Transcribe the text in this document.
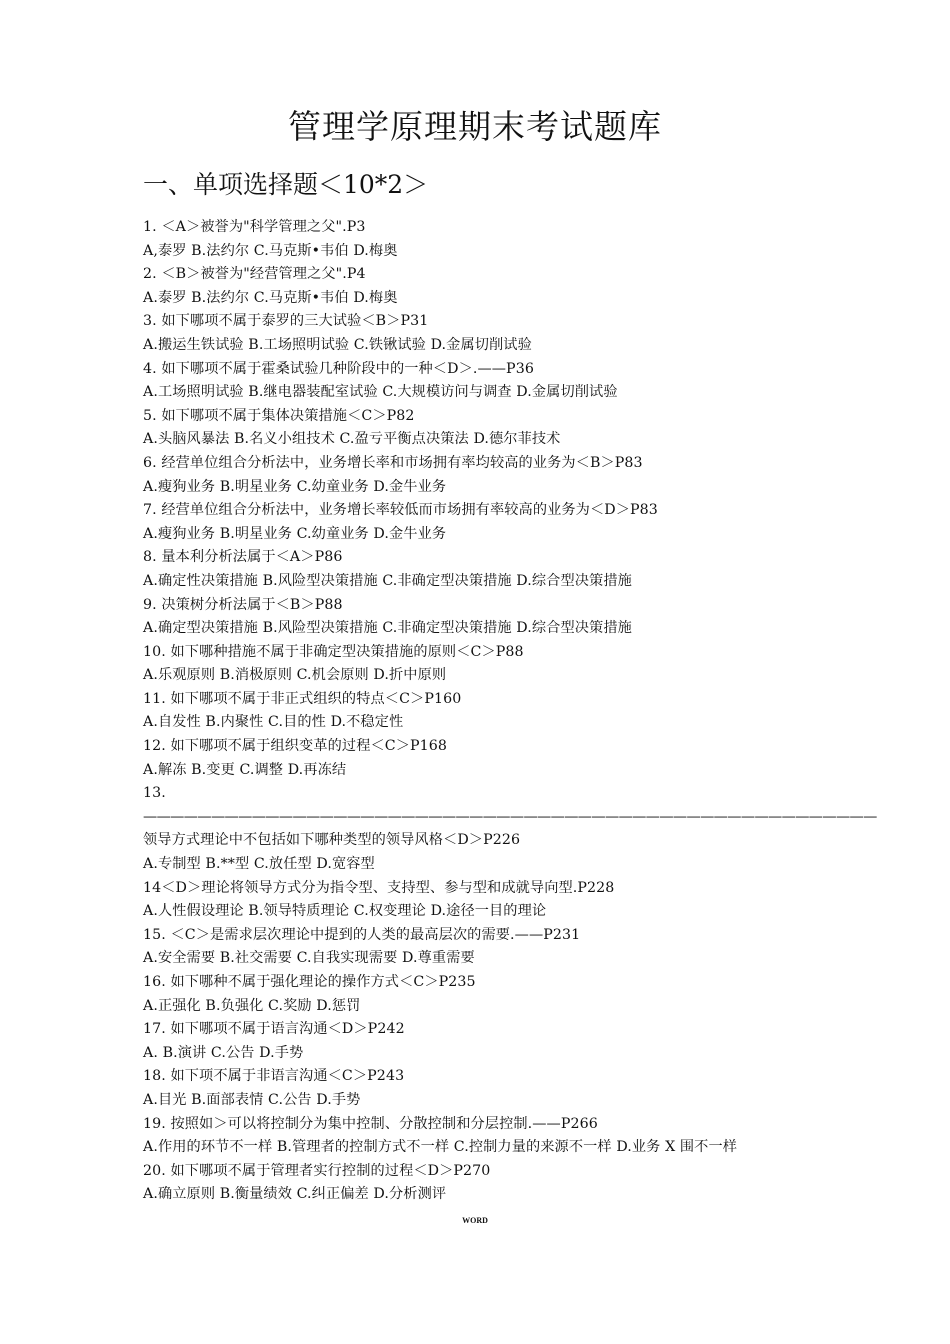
管理学原理期末考试题库
一、单项选择题＜10*2＞
1. ＜A＞被誉为"科学管理之父".P3
A,泰罗 B.法约尔 C.马克斯•韦伯 D.梅奥
2. ＜B＞被誉为"经营管理之父".P4
A.泰罗 B.法约尔 C.马克斯•韦伯 D.梅奥
3. 如下哪项不属于泰罗的三大试验＜B＞P31
A.搬运生铁试验 B.工场照明试验 C.铁锹试验 D.金属切削试验
4. 如下哪项不属于霍桑试验几种阶段中的一种＜D＞.——P36
A.工场照明试验 B.继电器装配室试验 C.大规模访问与调查 D.金属切削试验
5. 如下哪项不属于集体决策措施＜C＞P82
A.头脑风暴法 B.名义小组技术 C.盈亏平衡点决策法 D.德尔菲技术
6. 经营单位组合分析法中，业务增长率和市场拥有率均较高的业务为＜B＞P83
A.瘦狗业务 B.明星业务 C.幼童业务 D.金牛业务
7. 经营单位组合分析法中，业务增长率较低而市场拥有率较高的业务为＜D＞P83
A.瘦狗业务 B.明星业务 C.幼童业务 D.金牛业务
8. 量本利分析法属于＜A＞P86
A.确定性决策措施 B.风险型决策措施 C.非确定型决策措施 D.综合型决策措施
9. 决策树分析法属于＜B＞P88
A.确定型决策措施 B.风险型决策措施 C.非确定型决策措施 D.综合型决策措施
10. 如下哪种措施不属于非确定型决策措施的原则＜C＞P88
A.乐观原则 B.消极原则 C.机会原则 D.折中原则
11. 如下哪项不属于非正式组织的特点＜C＞P160
A.自发性 B.内聚性 C.目的性 D.不稳定性
12. 如下哪项不属于组织变革的过程＜C＞P168
A.解冻 B.变更 C.调整 D.再冻结
13.—————————————————————————————————————————————————————— 领导方式理论中不包括如下哪种类型的领导风格＜D＞P226
A.专制型 B.**型 C.放任型 D.宽容型
14＜D＞理论将领导方式分为指令型、支持型、参与型和成就导向型.P228
A.人性假设理论 B.领导特质理论 C.权变理论 D.途径一目的理论
15. ＜C＞是需求层次理论中提到的人类的最高层次的需要.——P231
A.安全需要 B.社交需要 C.自我实现需要 D.尊重需要
16. 如下哪种不属于强化理论的操作方式＜C＞P235
A.正强化 B.负强化 C.奖励 D.惩罚
17. 如下哪项不属于语言沟通＜D＞P242
A. B.演讲 C.公告 D.手势
18. 如下项不属于非语言沟通＜C＞P243
A.目光 B.面部表情 C.公告 D.手势
19. 按照如＞可以将控制分为集中控制、分散控制和分层控制.——P266
A.作用的环节不一样 B.管理者的控制方式不一样 C.控制力量的来源不一样 D.业务 X 围不一样
20. 如下哪项不属于管理者实行控制的过程＜D＞P270
A.确立原则 B.衡量绩效 C.纠正偏差 D.分析测评
WORD
